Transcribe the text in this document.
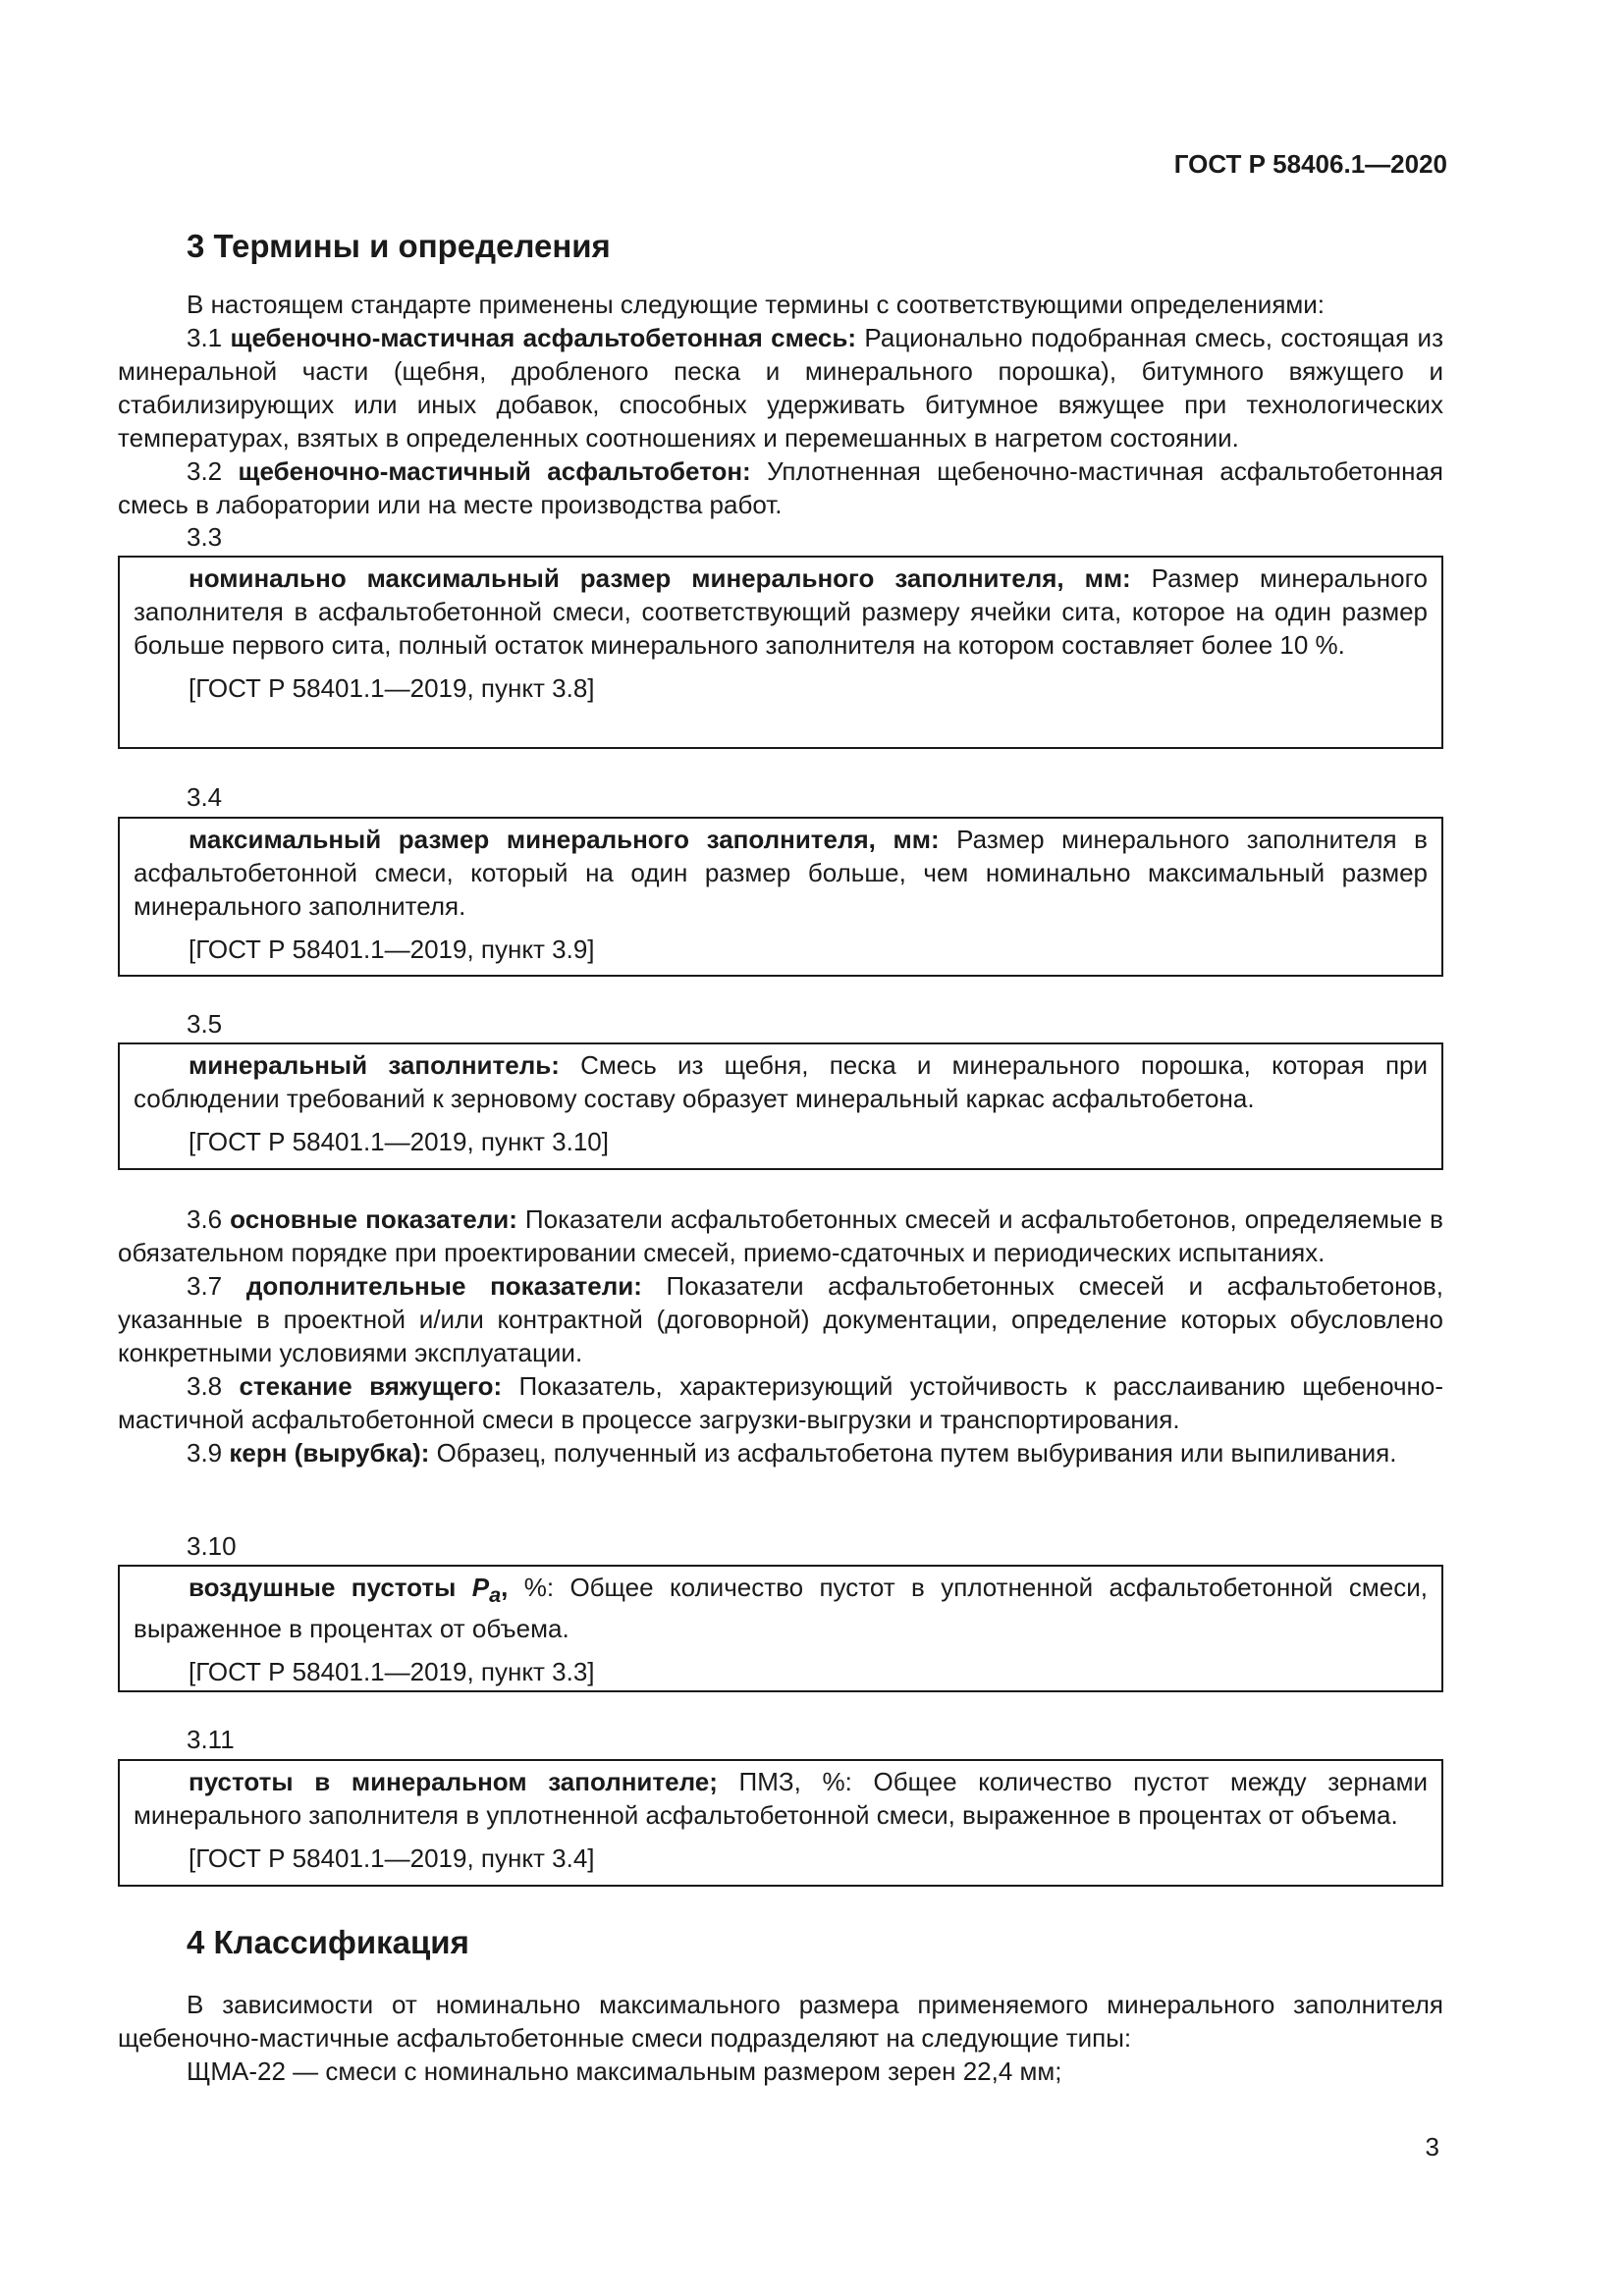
ГОСТ Р 58406.1—2020
3 Термины и определения

В настоящем стандарте применены следующие термины с соответствующими определениями:

3.1 щебеночно-мастичная асфальтобетонная смесь: Рационально подобранная смесь, состоящая из минеральной части (щебня, дробленого песка и минерального порошка), битумного вяжущего и стабилизирующих или иных добавок, способных удерживать битумное вяжущее при технологических температурах, взятых в определенных соотношениях и перемешанных в нагретом состоянии.

3.2 щебеночно-мастичный асфальтобетон: Уплотненная щебеночно-мастичная асфальтобетонная смесь в лаборатории или на месте производства работ.

3.3

номинально максимальный размер минерального заполнителя, мм: Размер минерального заполнителя в асфальтобетонной смеси, соответствующий размеру ячейки сита, которое на один размер больше первого сита, полный остаток минерального заполнителя на котором составляет более 10 %.

[ГОСТ Р 58401.1—2019, пункт 3.8]

3.4

максимальный размер минерального заполнителя, мм: Размер минерального заполнителя в асфальтобетонной смеси, который на один размер больше, чем номинально максимальный размер минерального заполнителя.

[ГОСТ Р 58401.1—2019, пункт 3.9]

3.5

минеральный заполнитель: Смесь из щебня, песка и минерального порошка, которая при соблюдении требований к зерновому составу образует минеральный каркас асфальтобетона.

[ГОСТ Р 58401.1—2019, пункт 3.10]

3.6 основные показатели: Показатели асфальтобетонных смесей и асфальтобетонов, определяемые в обязательном порядке при проектировании смесей, приемо-сдаточных и периодических испытаниях.

3.7 дополнительные показатели: Показатели асфальтобетонных смесей и асфальтобетонов, указанные в проектной и/или контрактной (договорной) документации, определение которых обусловлено конкретными условиями эксплуатации.

3.8 стекание вяжущего: Показатель, характеризующий устойчивость к расслаиванию щебеночно-мастичной асфальтобетонной смеси в процессе загрузки-выгрузки и транспортирования.

3.9 керн (вырубка): Образец, полученный из асфальтобетона путем выбуривания или выпиливания.

3.10

воздушные пустоты $P_a$, %: Общее количество пустот в уплотненной асфальтобетонной смеси, выраженное в процентах от объема.

[ГОСТ Р 58401.1—2019, пункт 3.3]

3.11

пустоты в минеральном заполнителе; ПМЗ, %: Общее количество пустот между зернами минерального заполнителя в уплотненной асфальтобетонной смеси, выраженное в процентах от объема.

[ГОСТ Р 58401.1—2019, пункт 3.4]

4 Классификация

В зависимости от номинально максимального размера применяемого минерального заполнителя щебеночно-мастичные асфальтобетонные смеси подразделяют на следующие типы:

ЩМА-22 — смеси с номинально максимальным размером зерен 22,4 мм;

3
